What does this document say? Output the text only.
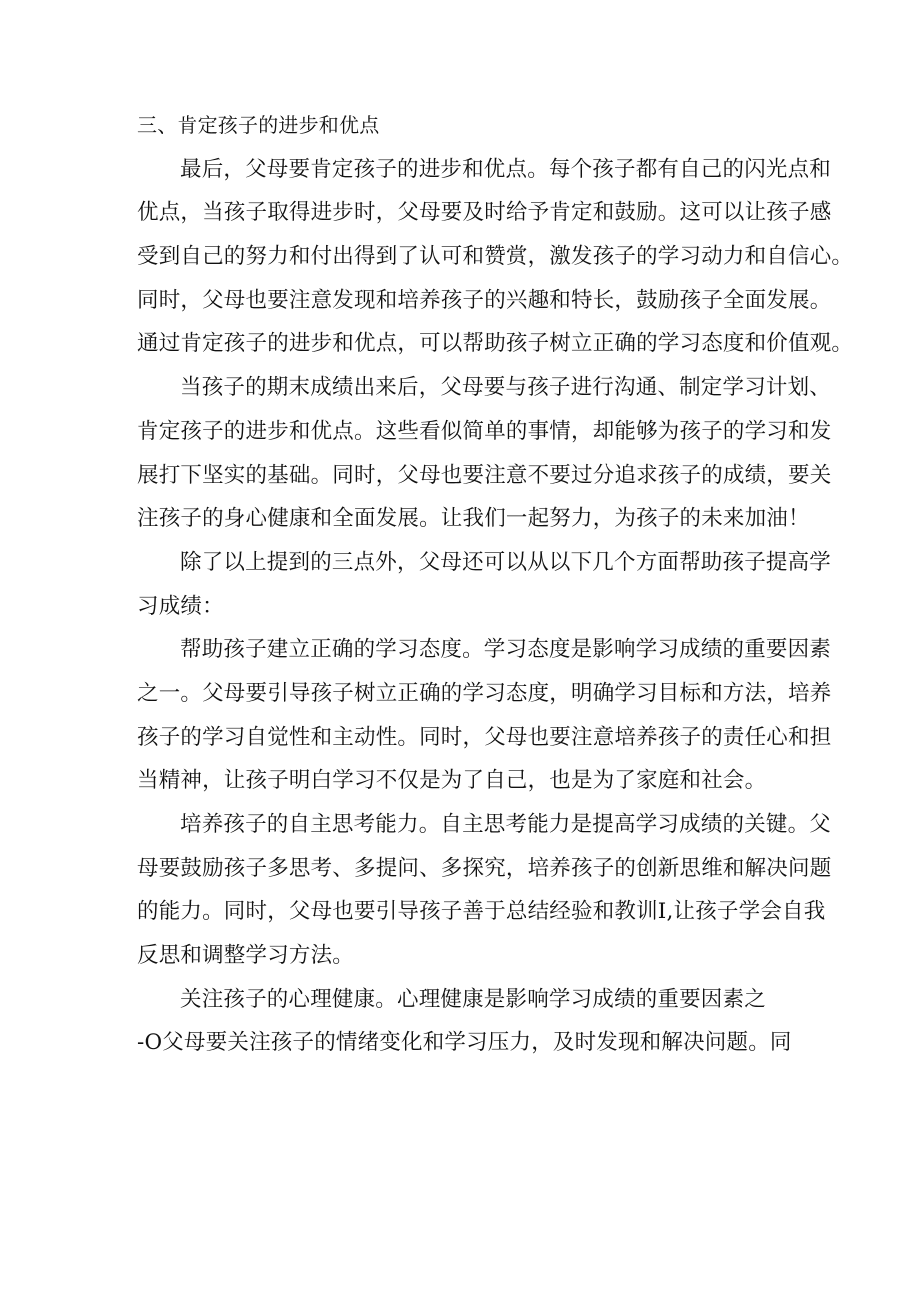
三、肯定孩子的进步和优点
最后，父母要肯定孩子的进步和优点。每个孩子都有自己的闪光点和
优点，当孩子取得进步时，父母要及时给予肯定和鼓励。这可以让孩子感
受到自己的努力和付出得到了认可和赞赏，激发孩子的学习动力和自信心。
同时，父母也要注意发现和培养孩子的兴趣和特长，鼓励孩子全面发展。
通过肯定孩子的进步和优点，可以帮助孩子树立正确的学习态度和价值观。
当孩子的期末成绩出来后，父母要与孩子进行沟通、制定学习计划、
肯定孩子的进步和优点。这些看似简单的事情，却能够为孩子的学习和发
展打下坚实的基础。同时，父母也要注意不要过分追求孩子的成绩，要关
注孩子的身心健康和全面发展。让我们一起努力，为孩子的未来加油！
除了以上提到的三点外，父母还可以从以下几个方面帮助孩子提高学
习成绩：
帮助孩子建立正确的学习态度。学习态度是影响学习成绩的重要因素
之一。父母要引导孩子树立正确的学习态度，明确学习目标和方法，培养
孩子的学习自觉性和主动性。同时，父母也要注意培养孩子的责任心和担
当精神，让孩子明白学习不仅是为了自己，也是为了家庭和社会。
培养孩子的自主思考能力。自主思考能力是提高学习成绩的关键。父
母要鼓励孩子多思考、多提问、多探究，培养孩子的创新思维和解决问题
的能力。同时，父母也要引导孩子善于总结经验和教训I,让孩子学会自我
反思和调整学习方法。
关注孩子的心理健康。心理健康是影响学习成绩的重要因素之
-O父母要关注孩子的情绪变化和学习压力，及时发现和解决问题。同
